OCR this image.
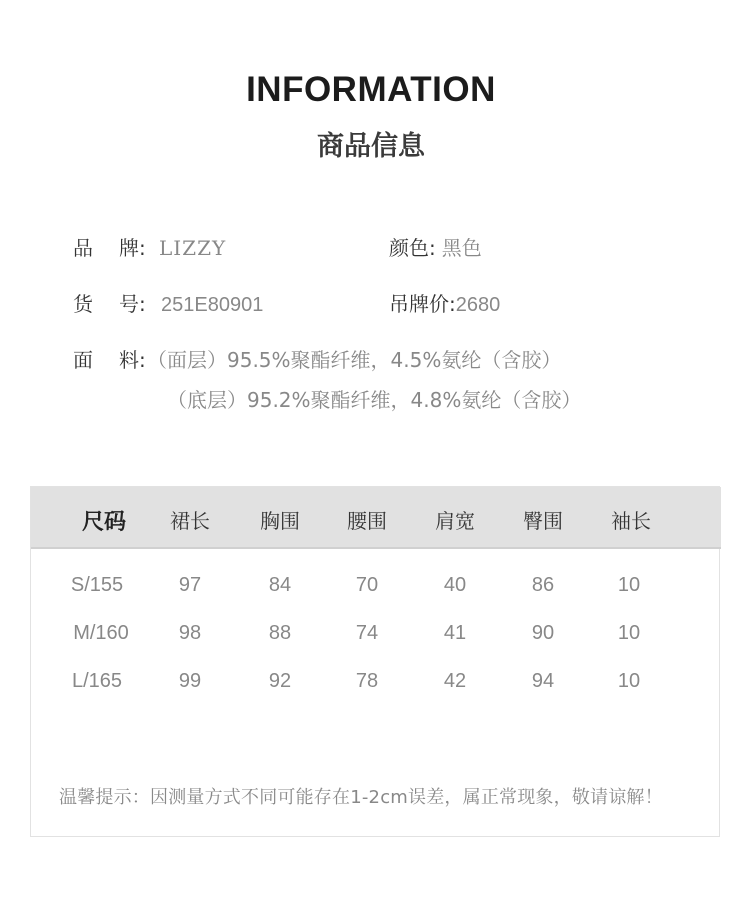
INFORMATION
商品信息
品 牌: LIZZY	颜色: 黑色
货 号: 251E80901	吊牌价:2680
面 料:（面层）95.5%聚酯纤维，4.5%氨纶（含胶）
（底层）95.2%聚酯纤维，4.8%氨纶（含胶）
尺码	裙长	胸围	腰围	肩宽	臀围	袖长
S/155	97	84	70	40	86	10
M/160	98	88	74	41	90	10
L/165	99	92	78	42	94	10
温馨提示：因测量方式不同可能存在1-2cm误差，属正常现象，敬请谅解！
